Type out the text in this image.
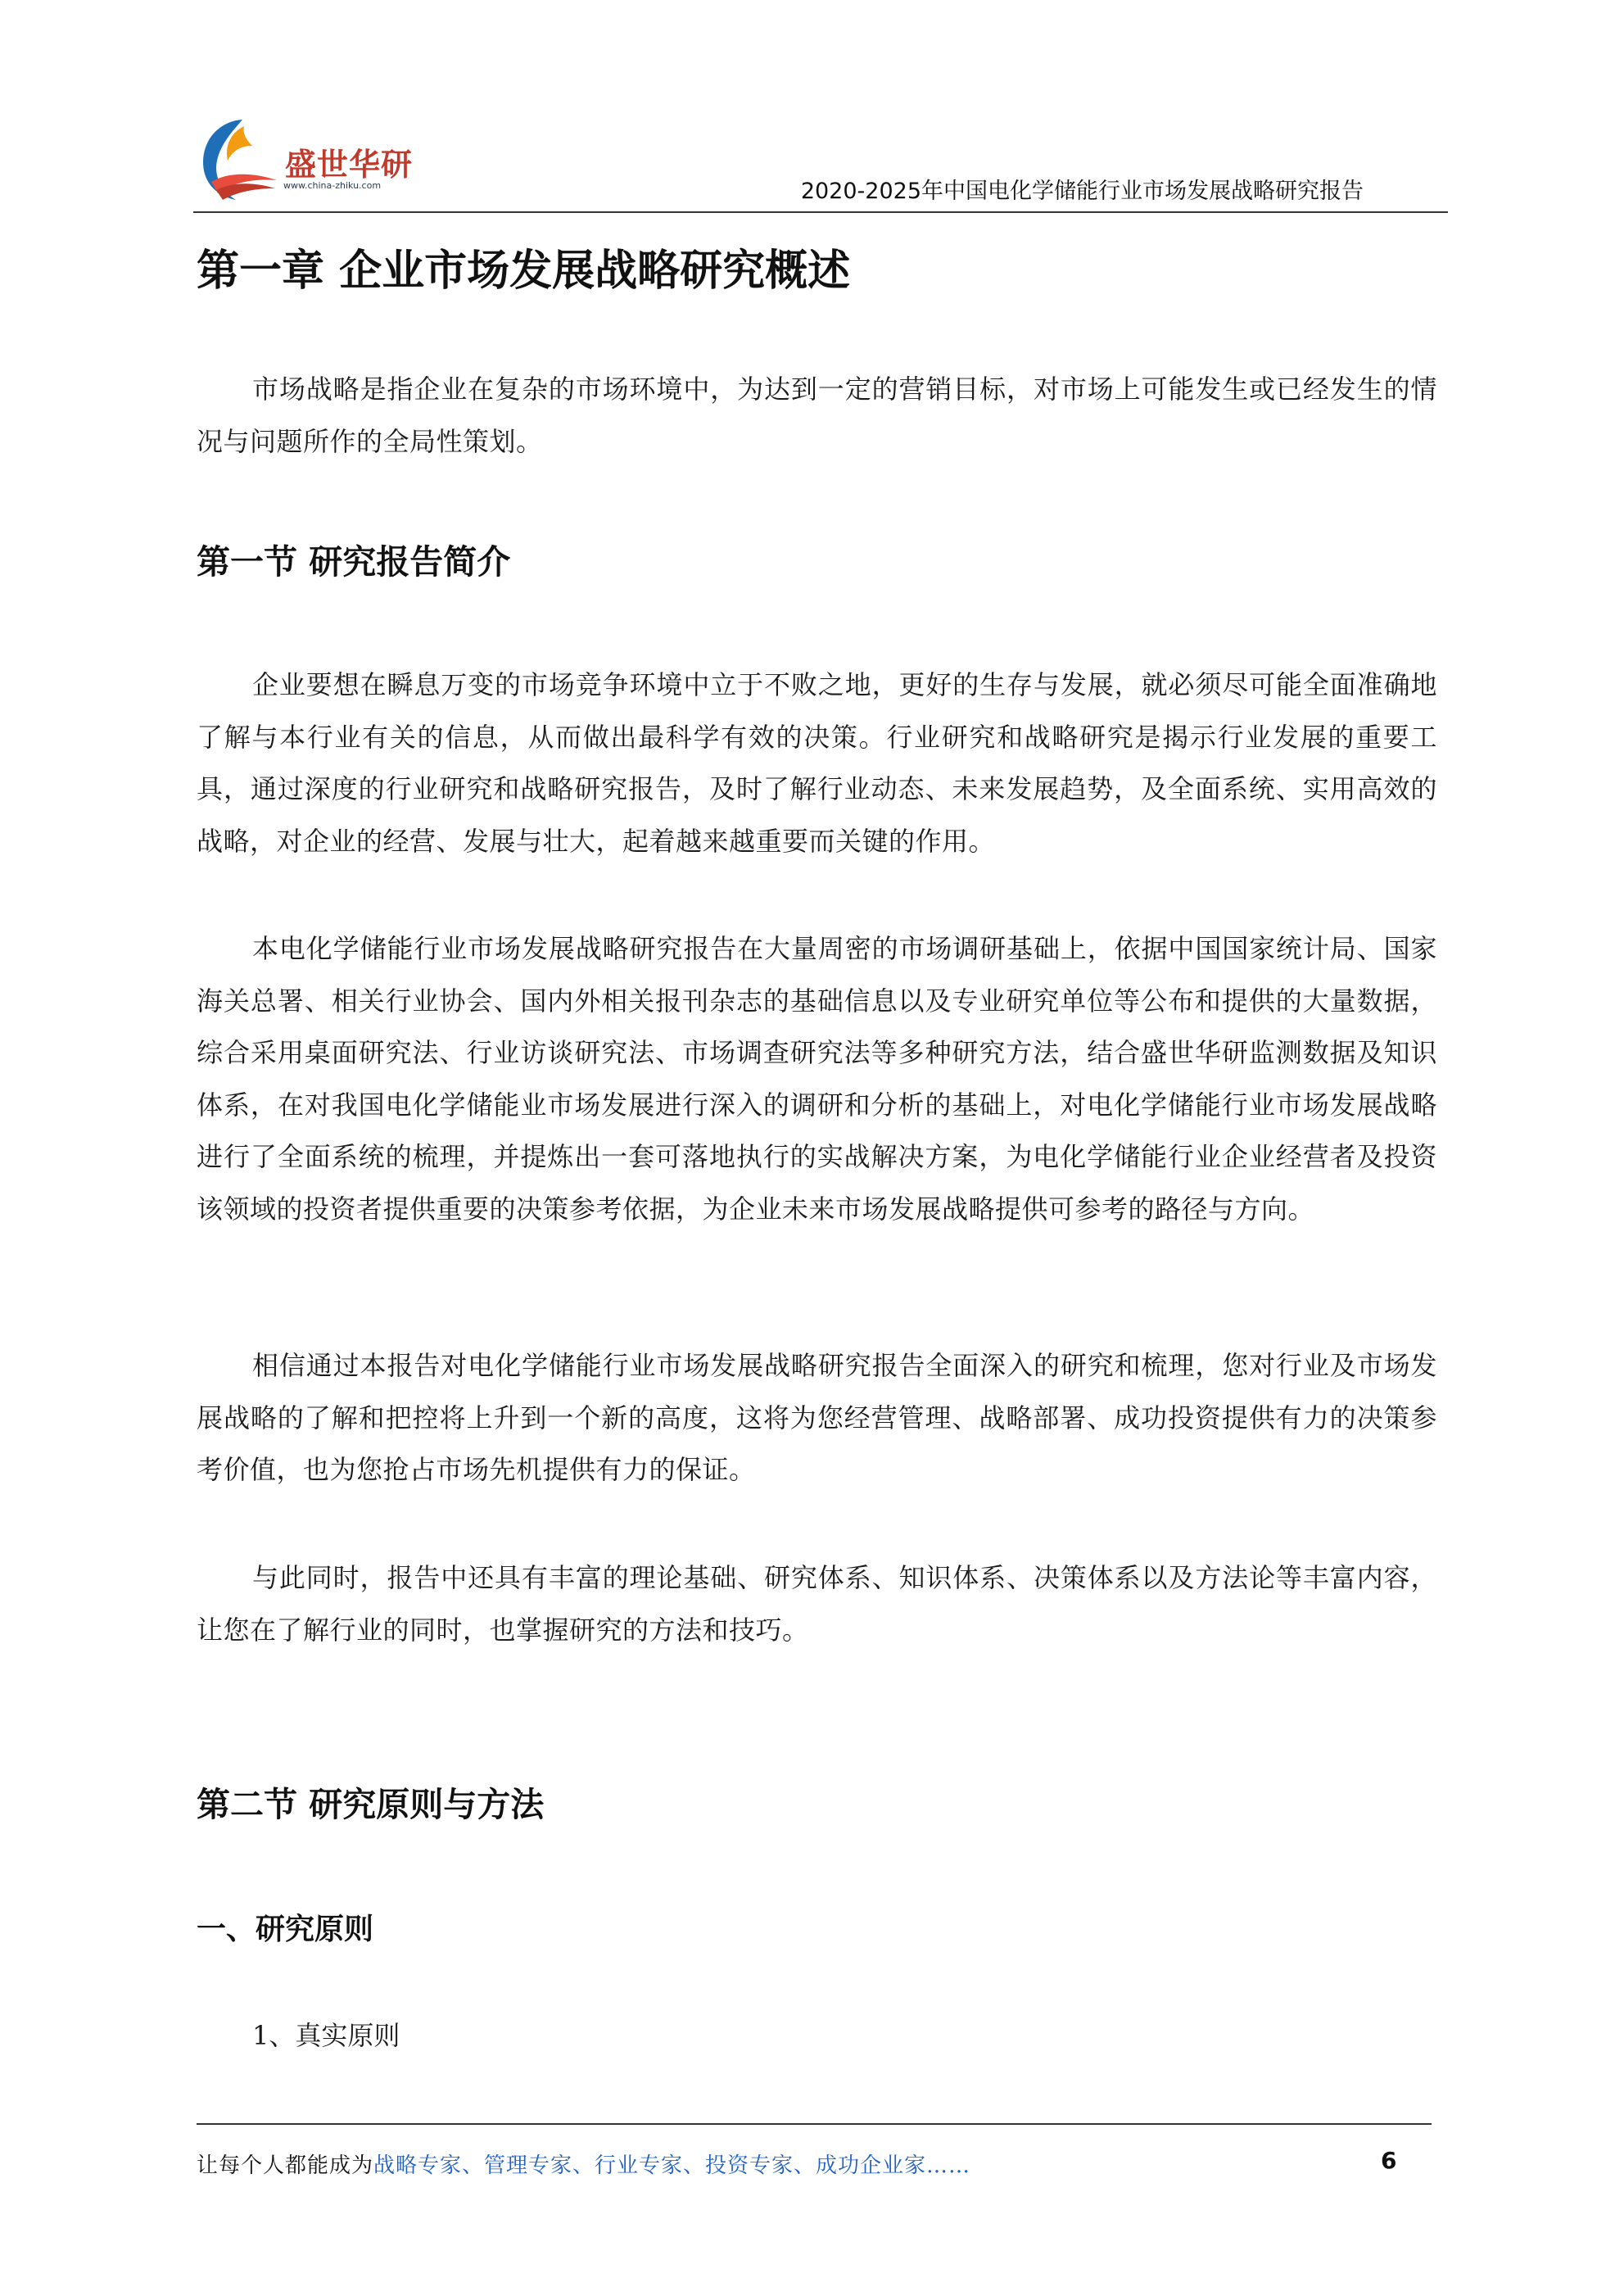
盛世华研
www.china-zhiku.com	2020-2025年中国电化学储能行业市场发展战略研究报告
第一章 企业市场发展战略研究概述

市场战略是指企业在复杂的市场环境中，为达到一定的营销目标，对市场上可能发生或已经发生的情况与问题所作的全局性策划。

第一节 研究报告简介

企业要想在瞬息万变的市场竞争环境中立于不败之地，更好的生存与发展，就必须尽可能全面准确地了解与本行业有关的信息，从而做出最科学有效的决策。行业研究和战略研究是揭示行业发展的重要工具，通过深度的行业研究和战略研究报告，及时了解行业动态、未来发展趋势，及全面系统、实用高效的战略，对企业的经营、发展与壮大，起着越来越重要而关键的作用。

本电化学储能行业市场发展战略研究报告在大量周密的市场调研基础上，依据中国国家统计局、国家海关总署、相关行业协会、国内外相关报刊杂志的基础信息以及专业研究单位等公布和提供的大量数据，综合采用桌面研究法、行业访谈研究法、市场调查研究法等多种研究方法，结合盛世华研监测数据及知识体系，在对我国电化学储能业市场发展进行深入的调研和分析的基础上，对电化学储能行业市场发展战略进行了全面系统的梳理，并提炼出一套可落地执行的实战解决方案，为电化学储能行业企业经营者及投资该领域的投资者提供重要的决策参考依据，为企业未来市场发展战略提供可参考的路径与方向。

相信通过本报告对电化学储能行业市场发展战略研究报告全面深入的研究和梳理，您对行业及市场发展战略的了解和把控将上升到一个新的高度，这将为您经营管理、战略部署、成功投资提供有力的决策参考价值，也为您抢占市场先机提供有力的保证。

与此同时，报告中还具有丰富的理论基础、研究体系、知识体系、决策体系以及方法论等丰富内容，让您在了解行业的同时，也掌握研究的方法和技巧。

第二节 研究原则与方法
一、研究原则
1、真实原则
让每个人都能成为战略专家、管理专家、行业专家、投资专家、成功企业家……	6
